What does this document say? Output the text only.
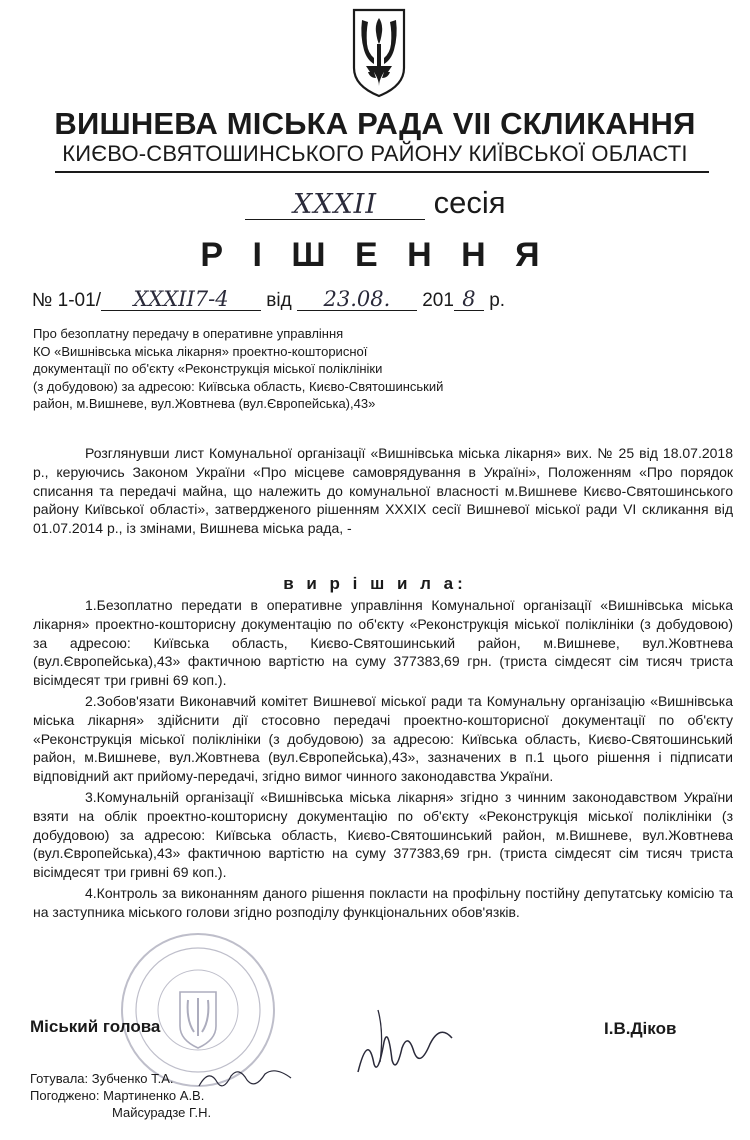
ВИШНЕВА МІСЬКА РАДА VII СКЛИКАННЯ
КИЄВО-СВЯТОШИНСЬКОГО РАЙОНУ КИЇВСЬКОЇ ОБЛАСТІ
XXXII сесія
Р І Ш Е Н Н Я
№ 1-01/ XXXII7-4 від 23.08. 201 8 р.
Про безоплатну передачу в оперативне управління
КО «Вишнівська міська лікарня» проектно-кошторисної
документації по об'єкту «Реконструкція міської поліклініки
(з добудовою) за адресою: Київська область, Києво-Святошинський
район, м.Вишневе, вул.Жовтнева (вул.Європейська),43»
Розглянувши лист Комунальної організації «Вишнівська міська лікарня» вих. № 25 від 18.07.2018 р., керуючись Законом України «Про місцеве самоврядування в Україні», Положенням «Про порядок списання та передачі майна, що належить до комунальної власності м.Вишневе Києво-Святошинського району Київської області», затвердженого рішенням XXXIX сесії Вишневої міської ради VI скликання від 01.07.2014 р., із змінами, Вишнева міська рада, -
в и р і ш и л а:

1.Безоплатно передати в оперативне управління Комунальної організації «Вишнівська міська лікарня» проектно-кошторисну документацію по об'єкту «Реконструкція міської поліклініки (з добудовою) за адресою: Київська область, Києво-Святошинський район, м.Вишневе, вул.Жовтнева (вул.Європейська),43» фактичною вартістю на суму 377383,69 грн. (триста сімдесят сім тисяч триста вісімдесят три гривні 69 коп.).

2.Зобов'язати Виконавчий комітет Вишневої міської ради та Комунальну організацію «Вишнівська міська лікарня» здійснити дії стосовно передачі проектно-кошторисної документації по об'єкту «Реконструкція міської поліклініки (з добудовою) за адресою: Київська область, Києво-Святошинський район, м.Вишневе, вул.Жовтнева (вул.Європейська),43», зазначених в п.1 цього рішення і підписати відповідний акт прийому-передачі, згідно вимог чинного законодавства України.

3.Комунальній організації «Вишнівська міська лікарня» згідно з чинним законодавством України взяти на облік проектно-кошторисну документацію по об'єкту «Реконструкція міської поліклініки (з добудовою) за адресою: Київська область, Києво-Святошинський район, м.Вишневе, вул.Жовтнева (вул.Європейська),43» фактичною вартістю на суму 377383,69 грн. (триста сімдесят сім тисяч триста вісімдесят три гривні 69 коп.).

4.Контроль за виконанням даного рішення покласти на профільну постійну депутатську комісію та на заступника міського голови згідно розподілу функціональних обов'язків.

Міський голова	І.В.Діков
Готувала: Зубченко Т.А.
Погоджено: Мартиненко А.В.
Майсурадзе Г.Н.
